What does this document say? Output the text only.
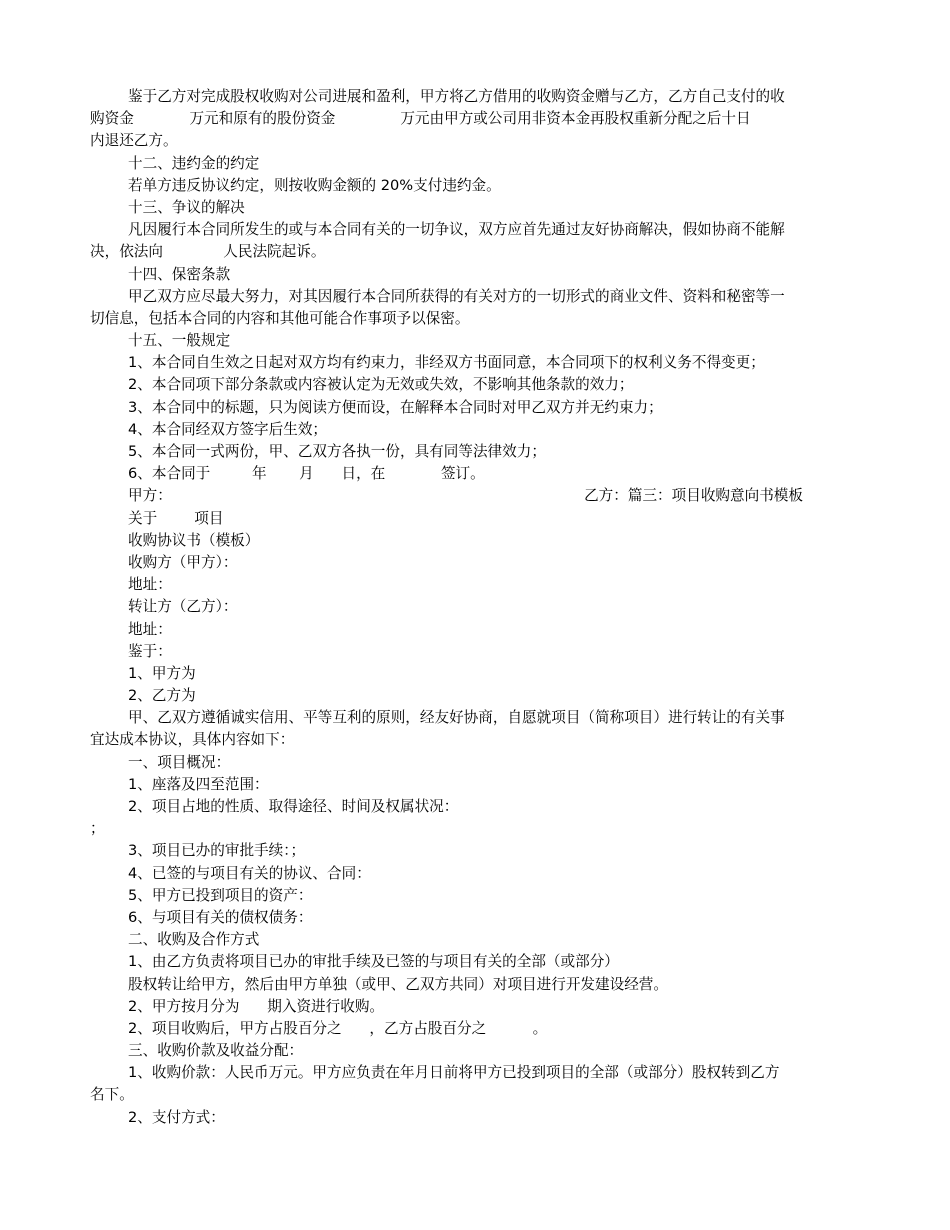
鉴于乙方对完成股权收购对公司进展和盈利，甲方将乙方借用的收购资金赠与乙方，乙方自己支付的收
购资金            万元和原有的股份资金              万元由甲方或公司用非资本金再股权重新分配之后十日
内退还乙方。
十二、违约金的约定
若单方违反协议约定，则按收购金额的 20%支付违约金。
十三、争议的解决
凡因履行本合同所发生的或与本合同有关的一切争议，双方应首先通过友好协商解决，假如协商不能解
决，依法向             人民法院起诉。
十四、保密条款
甲乙双方应尽最大努力，对其因履行本合同所获得的有关对方的一切形式的商业文件、资料和秘密等一
切信息，包括本合同的内容和其他可能合作事项予以保密。
十五、一般规定
1、本合同自生效之日起对双方均有约束力，非经双方书面同意，本合同项下的权利义务不得变更；
2、本合同项下部分条款或内容被认定为无效或失效，不影响其他条款的效力；
3、本合同中的标题，只为阅读方便而设，在解释本合同时对甲乙双方并无约束力；
4、本合同经双方签字后生效；
5、本合同一式两份，甲、乙双方各执一份，具有同等法律效力；
6、本合同于         年       月      日，在            签订。
甲方：	乙方：篇三：项目收购意向书模板
关于        项目
收购协议书（模板）
收购方（甲方）：
地址：
转让方（乙方）：
地址：
鉴于：
1、甲方为
2、乙方为
甲、乙双方遵循诚实信用、平等互利的原则，经友好协商，自愿就项目（简称项目）进行转让的有关事
宜达成本协议，具体内容如下：
一、项目概况：
1、座落及四至范围：
2、项目占地的性质、取得途径、时间及权属状况：
；
3、项目已办的审批手续：；
4、已签的与项目有关的协议、合同：
5、甲方已投到项目的资产：
6、与项目有关的债权债务：
二、收购及合作方式
1、由乙方负责将项目已办的审批手续及已签的与项目有关的全部（或部分）
股权转让给甲方，然后由甲方单独（或甲、乙双方共同）对项目进行开发建设经营。
2、甲方按月分为      期入资进行收购。
2、项目收购后，甲方占股百分之      ，乙方占股百分之          。
三、收购价款及收益分配：
1、收购价款：人民币万元。甲方应负责在年月日前将甲方已投到项目的全部（或部分）股权转到乙方
名下。
2、支付方式：
